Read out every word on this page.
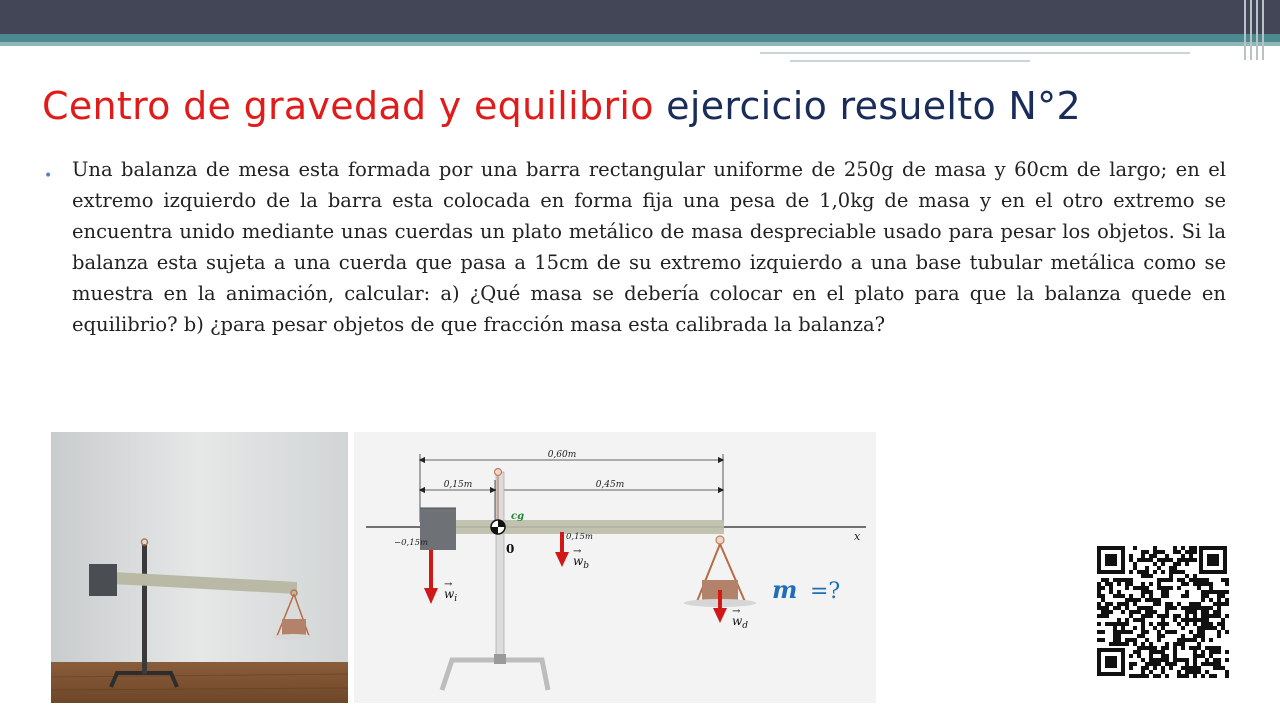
Centro de gravedad y equilibrio ejercicio resuelto N°2
• Una balanza de mesa esta formada por una barra rectangular uniforme de 250g de masa y 60cm de largo; en el extremo izquierdo de la barra esta colocada en forma fija una pesa de 1,0kg de masa y en el otro extremo se encuentra unido mediante unas cuerdas un plato metálico de masa despreciable usado para pesar los objetos. Si la balanza esta sujeta a una cuerda que pasa a 15cm de su extremo izquierdo a una base tubular metálica como se muestra en la animación, calcular: a) ¿Qué masa se debería colocar en el plato para que la balanza quede en equilibrio? b) ¿para pesar objetos de que fracción masa esta calibrada la balanza?
0,60m
0,15m	0,45m
x
cg
0
−0,15m
0,15m
$w_i$
→
$w_b$
→
$w_d$
→
m =?
